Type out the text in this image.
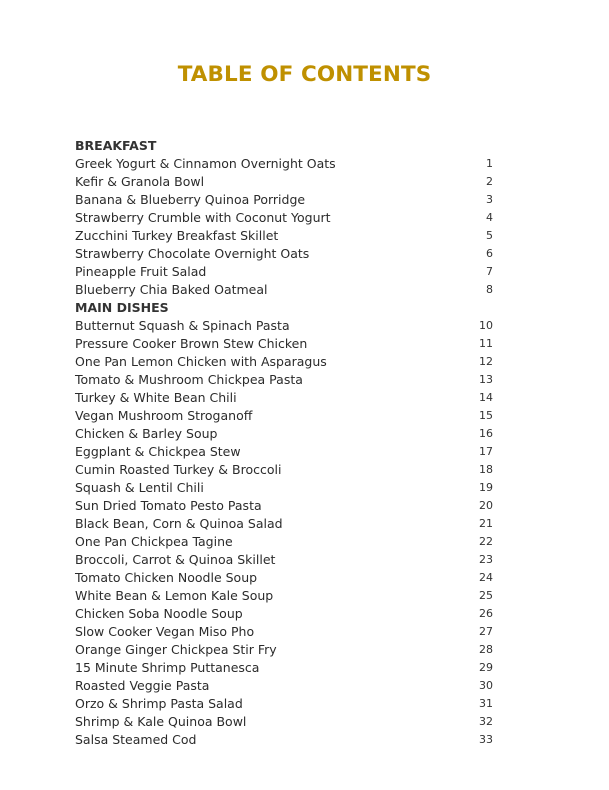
TABLE OF CONTENTS
BREAKFAST
Greek Yogurt & Cinnamon Overnight Oats	1
Kefir & Granola Bowl	2
Banana & Blueberry Quinoa Porridge	3
Strawberry Crumble with Coconut Yogurt	4
Zucchini Turkey Breakfast Skillet	5
Strawberry Chocolate Overnight Oats	6
Pineapple Fruit Salad	7
Blueberry Chia Baked Oatmeal	8
MAIN DISHES
Butternut Squash & Spinach Pasta	10
Pressure Cooker Brown Stew Chicken	11
One Pan Lemon Chicken with Asparagus	12
Tomato & Mushroom Chickpea Pasta	13
Turkey & White Bean Chili	14
Vegan Mushroom Stroganoff	15
Chicken & Barley Soup	16
Eggplant & Chickpea Stew	17
Cumin Roasted Turkey & Broccoli	18
Squash & Lentil Chili	19
Sun Dried Tomato Pesto Pasta	20
Black Bean, Corn & Quinoa Salad	21
One Pan Chickpea Tagine	22
Broccoli, Carrot & Quinoa Skillet	23
Tomato Chicken Noodle Soup	24
White Bean & Lemon Kale Soup	25
Chicken Soba Noodle Soup	26
Slow Cooker Vegan Miso Pho	27
Orange Ginger Chickpea Stir Fry	28
15 Minute Shrimp Puttanesca	29
Roasted Veggie Pasta	30
Orzo & Shrimp Pasta Salad	31
Shrimp & Kale Quinoa Bowl	32
Salsa Steamed Cod	33
